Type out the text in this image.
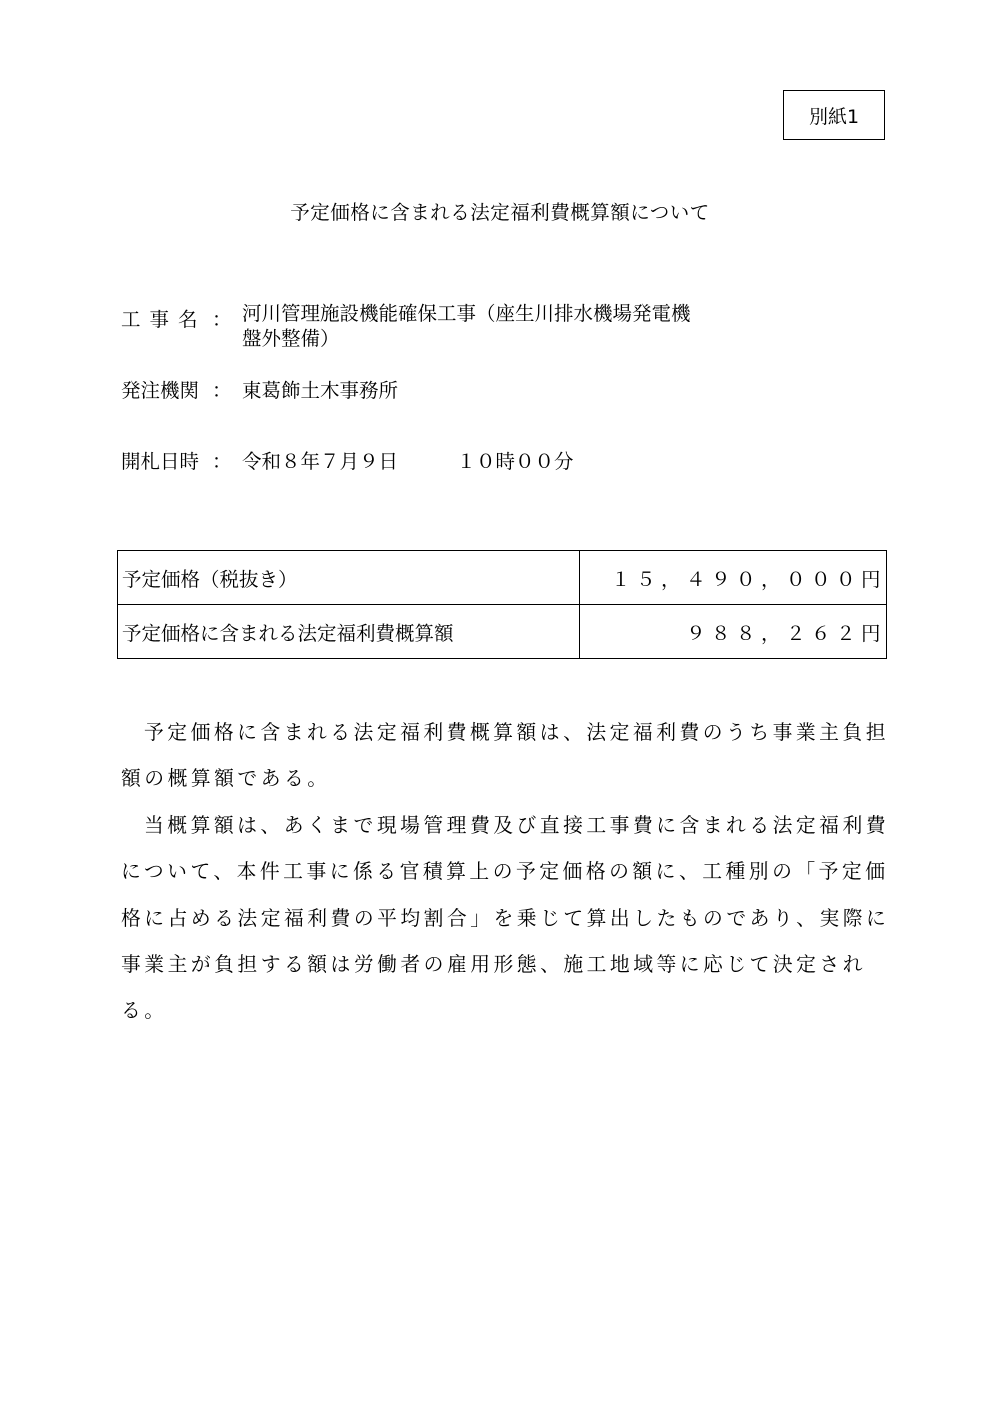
別紙1
予定価格に含まれる法定福利費概算額について
工事名 ： 河川管理施設機能確保工事（座生川排水機場発電機
盤外整備）
発注機関 ： 東葛飾土木事務所
開札日時 ： 令和８年７月９日　　　１０時００分
予定価格（税抜き）	１５，４９０，０００円
予定価格に含まれる法定福利費概算額	９８８，２６２円

予定価格に含まれる法定福利費概算額は、法定福利費のうち事業主負担額の概算額である。

当概算額は、あくまで現場管理費及び直接工事費に含まれる法定福利費について、本件工事に係る官積算上の予定価格の額に、工種別の「予定価格に占める法定福利費の平均割合」を乗じて算出したものであり、実際に事業主が負担する額は労働者の雇用形態、施工地域等に応じて決定される。
